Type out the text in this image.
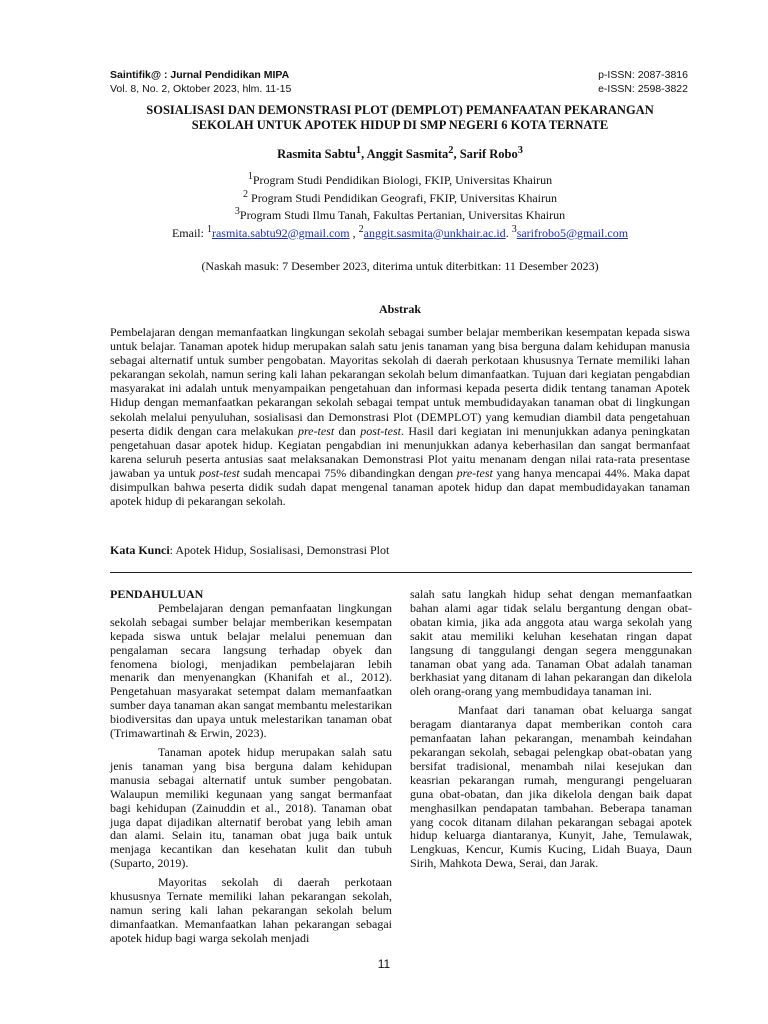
Saintifik@ : Jurnal Pendidikan MIPA
Vol. 8, No. 2, Oktober 2023, hlm. 11-15
p-ISSN: 2087-3816
e-ISSN: 2598-3822
SOSIALISASI DAN DEMONSTRASI PLOT (DEMPLOT) PEMANFAATAN PEKARANGAN
SEKOLAH UNTUK APOTEK HIDUP DI SMP NEGERI 6 KOTA TERNATE
Rasmita Sabtu$^1$, Anggit Sasmita$^2$, Sarif Robo$^3$
$^1$Program Studi Pendidikan Biologi, FKIP, Universitas Khairun
$^2$ Program Studi Pendidikan Geografi, FKIP, Universitas Khairun
$^3$Program Studi Ilmu Tanah, Fakultas Pertanian, Universitas Khairun
Email: $^1$rasmita.sabtu92@gmail.com , $^2$anggit.sasmita@unkhair.ac.id. $^3$sarifrobo5@gmail.com
(Naskah masuk: 7 Desember 2023, diterima untuk diterbitkan: 11 Desember 2023)
Abstrak
Pembelajaran dengan memanfaatkan lingkungan sekolah sebagai sumber belajar memberikan kesempatan kepada siswa untuk belajar. Tanaman apotek hidup merupakan salah satu jenis tanaman yang bisa berguna dalam kehidupan manusia sebagai alternatif untuk sumber pengobatan. Mayoritas sekolah di daerah perkotaan khususnya Ternate memiliki lahan pekarangan sekolah, namun sering kali lahan pekarangan sekolah belum dimanfaatkan. Tujuan dari kegiatan pengabdian masyarakat ini adalah untuk menyampaikan pengetahuan dan informasi kepada peserta didik tentang tanaman Apotek Hidup dengan memanfaatkan pekarangan sekolah sebagai tempat untuk membudidayakan tanaman obat di lingkungan sekolah melalui penyuluhan, sosialisasi dan Demonstrasi Plot (DEMPLOT) yang kemudian diambil data pengetahuan peserta didik dengan cara melakukan pre-test dan post-test. Hasil dari kegiatan ini menunjukkan adanya peningkatan pengetahuan dasar apotek hidup. Kegiatan pengabdian ini menunjukkan adanya keberhasilan dan sangat bermanfaat karena seluruh peserta antusias saat melaksanakan Demonstrasi Plot yaitu menanam dengan nilai rata-rata presentase jawaban ya untuk post-test sudah mencapai 75% dibandingkan dengan pre-test yang hanya mencapai 44%. Maka dapat disimpulkan bahwa peserta didik sudah dapat mengenal tanaman apotek hidup dan dapat membudidayakan tanaman apotek hidup di pekarangan sekolah.
Kata Kunci: Apotek Hidup, Sosialisasi, Demonstrasi Plot

PENDAHULUAN

Pembelajaran dengan pemanfaatan lingkungan sekolah sebagai sumber belajar memberikan kesempatan kepada siswa untuk belajar melalui penemuan dan pengalaman secara langsung terhadap obyek dan fenomena biologi, menjadikan pembelajaran lebih menarik dan menyenangkan (Khanifah et al., 2012). Pengetahuan masyarakat setempat dalam memanfaatkan sumber daya tanaman akan sangat membantu melestarikan biodiversitas dan upaya untuk melestarikan tanaman obat (Trimawartinah & Erwin, 2023).

Tanaman apotek hidup merupakan salah satu jenis tanaman yang bisa berguna dalam kehidupan manusia sebagai alternatif untuk sumber pengobatan. Walaupun memiliki kegunaan yang sangat bermanfaat bagi kehidupan (Zainuddin et al., 2018). Tanaman obat juga dapat dijadikan alternatif berobat yang lebih aman dan alami. Selain itu, tanaman obat juga baik untuk menjaga kecantikan dan kesehatan kulit dan tubuh (Suparto, 2019).

Mayoritas sekolah di daerah perkotaan khususnya Ternate memiliki lahan pekarangan sekolah, namun sering kali lahan pekarangan sekolah belum dimanfaatkan. Memanfaatkan lahan pekarangan sebagai apotek hidup bagi warga sekolah menjadi

salah satu langkah hidup sehat dengan memanfaatkan bahan alami agar tidak selalu bergantung dengan obat-obatan kimia, jika ada anggota atau warga sekolah yang sakit atau memiliki keluhan kesehatan ringan dapat langsung di tanggulangi dengan segera menggunakan tanaman obat yang ada. Tanaman Obat adalah tanaman berkhasiat yang ditanam di lahan pekarangan dan dikelola oleh orang-orang yang membudidaya tanaman ini.

Manfaat dari tanaman obat keluarga sangat beragam diantaranya dapat memberikan contoh cara pemanfaatan lahan pekarangan, menambah keindahan pekarangan sekolah, sebagai pelengkap obat-obatan yang bersifat tradisional, menambah nilai kesejukan dan keasrian pekarangan rumah, mengurangi pengeluaran guna obat-obatan, dan jika dikelola dengan baik dapat menghasilkan pendapatan tambahan. Beberapa tanaman yang cocok ditanam dilahan pekarangan sebagai apotek hidup keluarga diantaranya, Kunyit, Jahe, Temulawak, Lengkuas, Kencur, Kumis Kucing, Lidah Buaya, Daun Sirih, Mahkota Dewa, Serai, dan Jarak.

11
